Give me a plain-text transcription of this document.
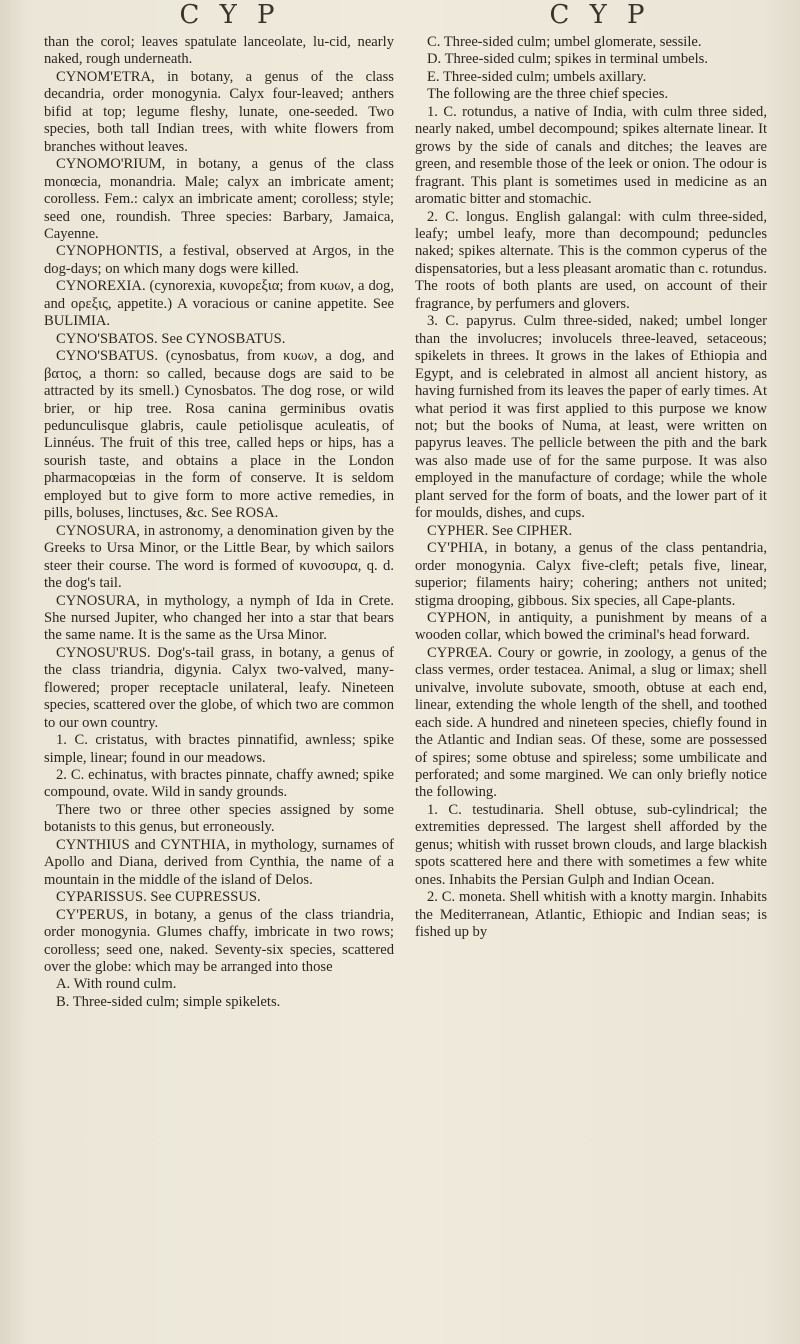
C Y P	C Y P

than the corol; leaves spatulate lanceolate, lu-cid, nearly naked, rough underneath.

CYNOM'ETRA, in botany, a genus of the class decandria, order monogynia. Calyx four-leaved; anthers bifid at top; legume fleshy, lunate, one-seeded. Two species, both tall Indian trees, with white flowers from branches without leaves.

CYNOMO'RIUM, in botany, a genus of the class monœcia, monandria. Male; calyx an imbricate ament; corolless. Fem.: calyx an imbricate ament; corolless; style; seed one, roundish. Three species: Barbary, Jamaica, Cayenne.

CYNOPHONTIS, a festival, observed at Argos, in the dog-days; on which many dogs were killed.

CYNOREXIA. (cynorexia, κυνορεξια; from κυων, a dog, and ορεξις, appetite.) A voracious or canine appetite. See BULIMIA.

CYNO'SBATOS. See CYNOSBATUS.

CYNO'SBATUS. (cynosbatus, from κυων, a dog, and βατος, a thorn: so called, because dogs are said to be attracted by its smell.) Cynosbatos. The dog rose, or wild brier, or hip tree. Rosa canina germinibus ovatis pedunculisque glabris, caule petiolisque aculeatis, of Linnéus. The fruit of this tree, called heps or hips, has a sourish taste, and obtains a place in the London pharmacopœias in the form of conserve. It is seldom employed but to give form to more active remedies, in pills, boluses, linctuses, &c. See ROSA.

CYNOSURA, in astronomy, a denomination given by the Greeks to Ursa Minor, or the Little Bear, by which sailors steer their course. The word is formed of κυνοσυρα, q. d. the dog's tail.

CYNOSURA, in mythology, a nymph of Ida in Crete. She nursed Jupiter, who changed her into a star that bears the same name. It is the same as the Ursa Minor.

CYNOSU'RUS. Dog's-tail grass, in botany, a genus of the class triandria, digynia. Calyx two-valved, many-flowered; proper receptacle unilateral, leafy. Nineteen species, scattered over the globe, of which two are common to our own country.

1. C. cristatus, with bractes pinnatifid, awnless; spike simple, linear; found in our meadows.

2. C. echinatus, with bractes pinnate, chaffy awned; spike compound, ovate. Wild in sandy grounds.

There two or three other species assigned by some botanists to this genus, but erroneously.

CYNTHIUS and CYNTHIA, in mythology, surnames of Apollo and Diana, derived from Cynthia, the name of a mountain in the middle of the island of Delos.

CYPARISSUS. See CUPRESSUS.

CY'PERUS, in botany, a genus of the class triandria, order monogynia. Glumes chaffy, imbricate in two rows; corolless; seed one, naked. Seventy-six species, scattered over the globe: which may be arranged into those

A. With round culm.

B. Three-sided culm; simple spikelets.

C. Three-sided culm; umbel glomerate, sessile.

D. Three-sided culm; spikes in terminal umbels.

E. Three-sided culm; umbels axillary.

The following are the three chief species.

1. C. rotundus, a native of India, with culm three sided, nearly naked, umbel decompound; spikes alternate linear. It grows by the side of canals and ditches; the leaves are green, and resemble those of the leek or onion. The odour is fragrant. This plant is sometimes used in medicine as an aromatic bitter and stomachic.

2. C. longus. English galangal: with culm three-sided, leafy; umbel leafy, more than decompound; peduncles naked; spikes alternate. This is the common cyperus of the dispensatories, but a less pleasant aromatic than c. rotundus. The roots of both plants are used, on account of their fragrance, by perfumers and glovers.

3. C. papyrus. Culm three-sided, naked; umbel longer than the involucres; involucels three-leaved, setaceous; spikelets in threes. It grows in the lakes of Ethiopia and Egypt, and is celebrated in almost all ancient history, as having furnished from its leaves the paper of early times. At what period it was first applied to this purpose we know not; but the books of Numa, at least, were written on papyrus leaves. The pellicle between the pith and the bark was also made use of for the same purpose. It was also employed in the manufacture of cordage; while the whole plant served for the form of boats, and the lower part of it for moulds, dishes, and cups.

CYPHER. See CIPHER.

CY'PHIA, in botany, a genus of the class pentandria, order monogynia. Calyx five-cleft; petals five, linear, superior; filaments hairy; cohering; anthers not united; stigma drooping, gibbous. Six species, all Cape-plants.

CYPHON, in antiquity, a punishment by means of a wooden collar, which bowed the criminal's head forward.

CYPRŒA. Coury or gowrie, in zoology, a genus of the class vermes, order testacea. Animal, a slug or limax; shell univalve, involute subovate, smooth, obtuse at each end, linear, extending the whole length of the shell, and toothed each side. A hundred and nineteen species, chiefly found in the Atlantic and Indian seas. Of these, some are possessed of spires; some obtuse and spireless; some umbilicate and perforated; and some margined. We can only briefly notice the following.

1. C. testudinaria. Shell obtuse, sub-cylindrical; the extremities depressed. The largest shell afforded by the genus; whitish with russet brown clouds, and large blackish spots scattered here and there with sometimes a few white ones. Inhabits the Persian Gulph and Indian Ocean.

2. C. moneta. Shell whitish with a knotty margin. Inhabits the Mediterranean, Atlantic, Ethiopic and Indian seas; is fished up by
